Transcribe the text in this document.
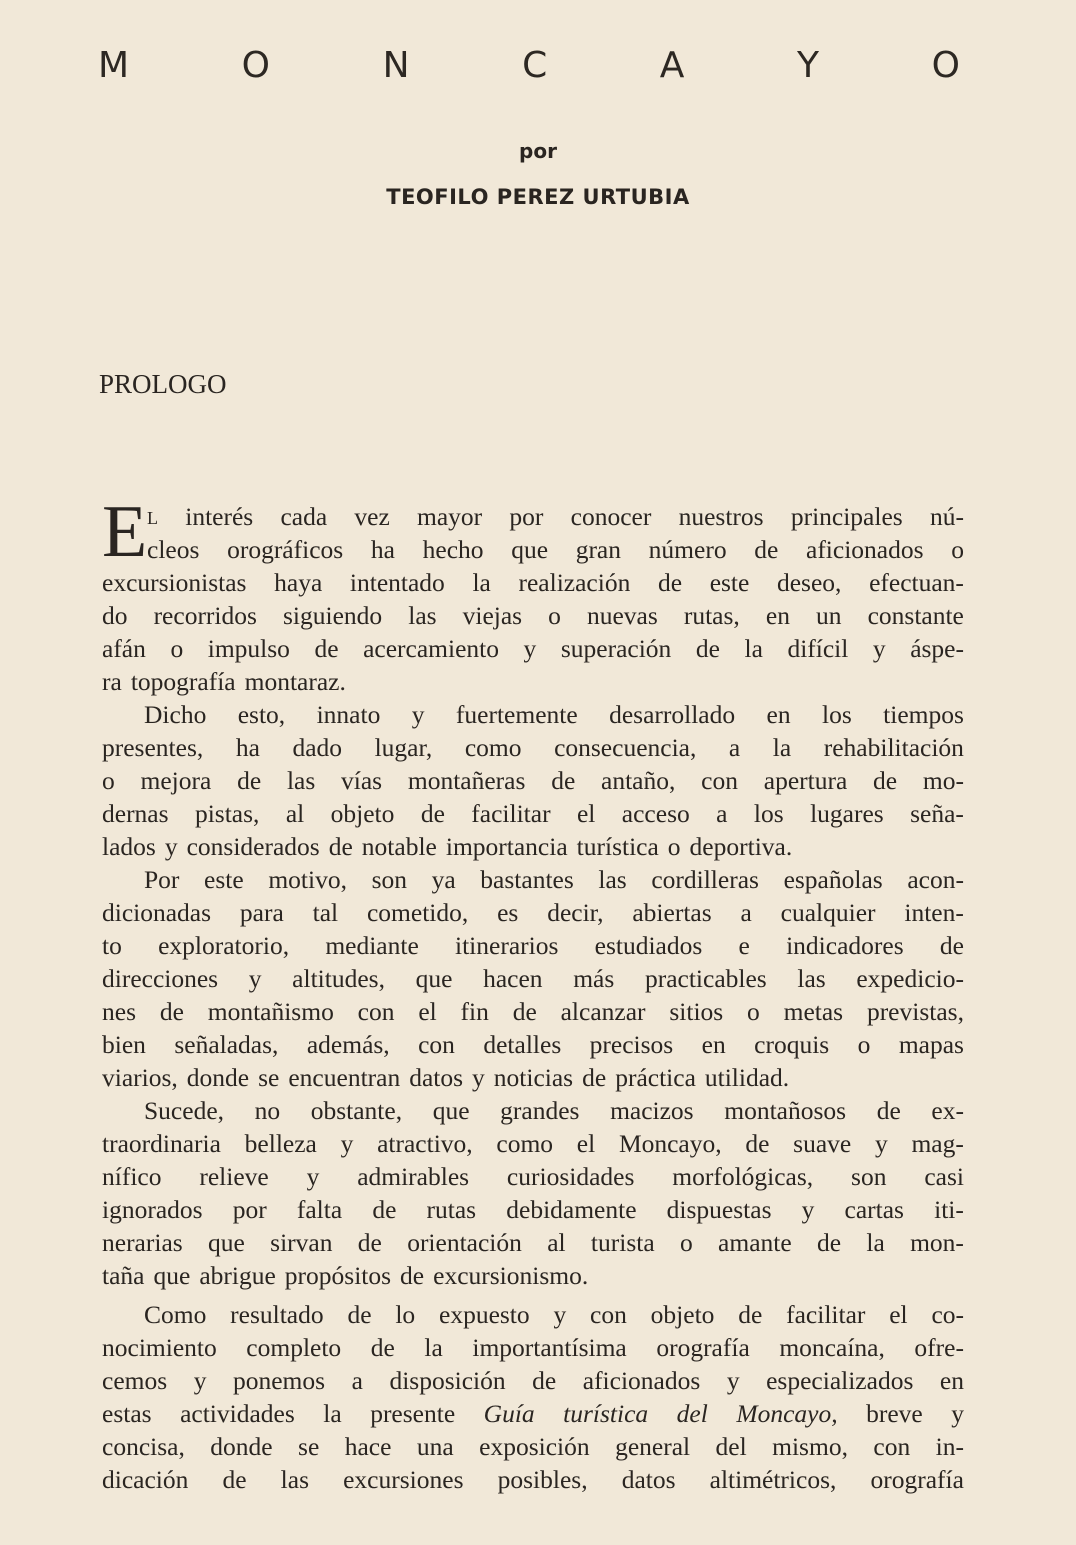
M	O	N	C	A	Y	O
por
TEOFILO PEREZ URTUBIA
PROLOGO
E L interés cada vez mayor por conocer nuestros principales nú-
cleos orográficos ha hecho que gran número de aficionados o
excursionistas haya intentado la realización de este deseo, efectuan-
do recorridos siguiendo las viejas o nuevas rutas, en un constante
afán o impulso de acercamiento y superación de la difícil y áspe-
ra topografía montaraz.
Dicho esto, innato y fuertemente desarrollado en los tiempos
presentes, ha dado lugar, como consecuencia, a la rehabilitación
o mejora de las vías montañeras de antaño, con apertura de mo-
dernas pistas, al objeto de facilitar el acceso a los lugares seña-
lados y considerados de notable importancia turística o deportiva.
Por este motivo, son ya bastantes las cordilleras españolas acon-
dicionadas para tal cometido, es decir, abiertas a cualquier inten-
to exploratorio, mediante itinerarios estudiados e indicadores de
direcciones y altitudes, que hacen más practicables las expedicio-
nes de montañismo con el fin de alcanzar sitios o metas previstas,
bien señaladas, además, con detalles precisos en croquis o mapas
viarios, donde se encuentran datos y noticias de práctica utilidad.
Sucede, no obstante, que grandes macizos montañosos de ex-
traordinaria belleza y atractivo, como el Moncayo, de suave y mag-
nífico relieve y admirables curiosidades morfológicas, son casi
ignorados por falta de rutas debidamente dispuestas y cartas iti-
nerarias que sirvan de orientación al turista o amante de la mon-
taña que abrigue propósitos de excursionismo.
Como resultado de lo expuesto y con objeto de facilitar el co-
nocimiento completo de la importantísima orografía moncaína, ofre-
cemos y ponemos a disposición de aficionados y especializados en
estas actividades la presente Guía turística del Moncayo, breve y
concisa, donde se hace una exposición general del mismo, con in-
dicación de las excursiones posibles, datos altimétricos, orografía
